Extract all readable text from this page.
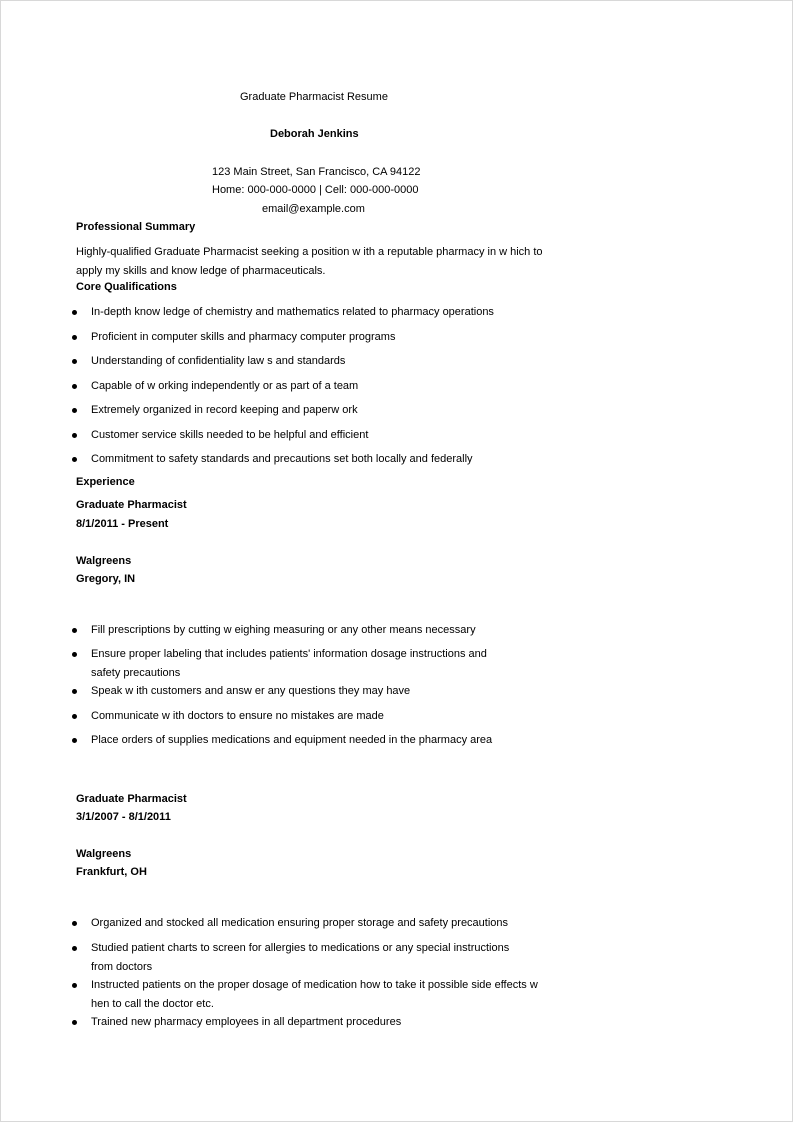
Graduate Pharmacist Resume
Deborah Jenkins
123 Main Street, San Francisco, CA 94122
Home: 000-000-0000 | Cell: 000-000-0000
email@example.com
Professional Summary
Highly-qualified Graduate Pharmacist seeking a position w ith a reputable pharmacy in w hich to
apply my skills and know ledge of pharmaceuticals.
Core Qualifications
In-depth know ledge of chemistry and mathematics related to pharmacy operations
Proficient in computer skills and pharmacy computer programs
Understanding of confidentiality law s and standards
Capable of w orking independently or as part of a team
Extremely organized in record keeping and paperw ork
Customer service skills needed to be helpful and efficient
Commitment to safety standards and precautions set both locally and federally
Experience
Graduate Pharmacist
8/1/2011 - Present
Walgreens
Gregory, IN
Fill prescriptions by cutting w eighing measuring or any other means necessary
Ensure proper labeling that includes patients' information dosage instructions and safety precautions
Speak w ith customers and answ er any questions they may have
Communicate w ith doctors to ensure no mistakes are made
Place orders of supplies medications and equipment needed in the pharmacy area
Graduate Pharmacist
3/1/2007 - 8/1/2011
Walgreens
Frankfurt, OH
Organized and stocked all medication ensuring proper storage and safety precautions
Studied patient charts to screen for allergies to medications or any special instructions from doctors
Instructed patients on the proper dosage of medication how to take it possible side effects w hen to call the doctor etc.
Trained new pharmacy employees in all department procedures
